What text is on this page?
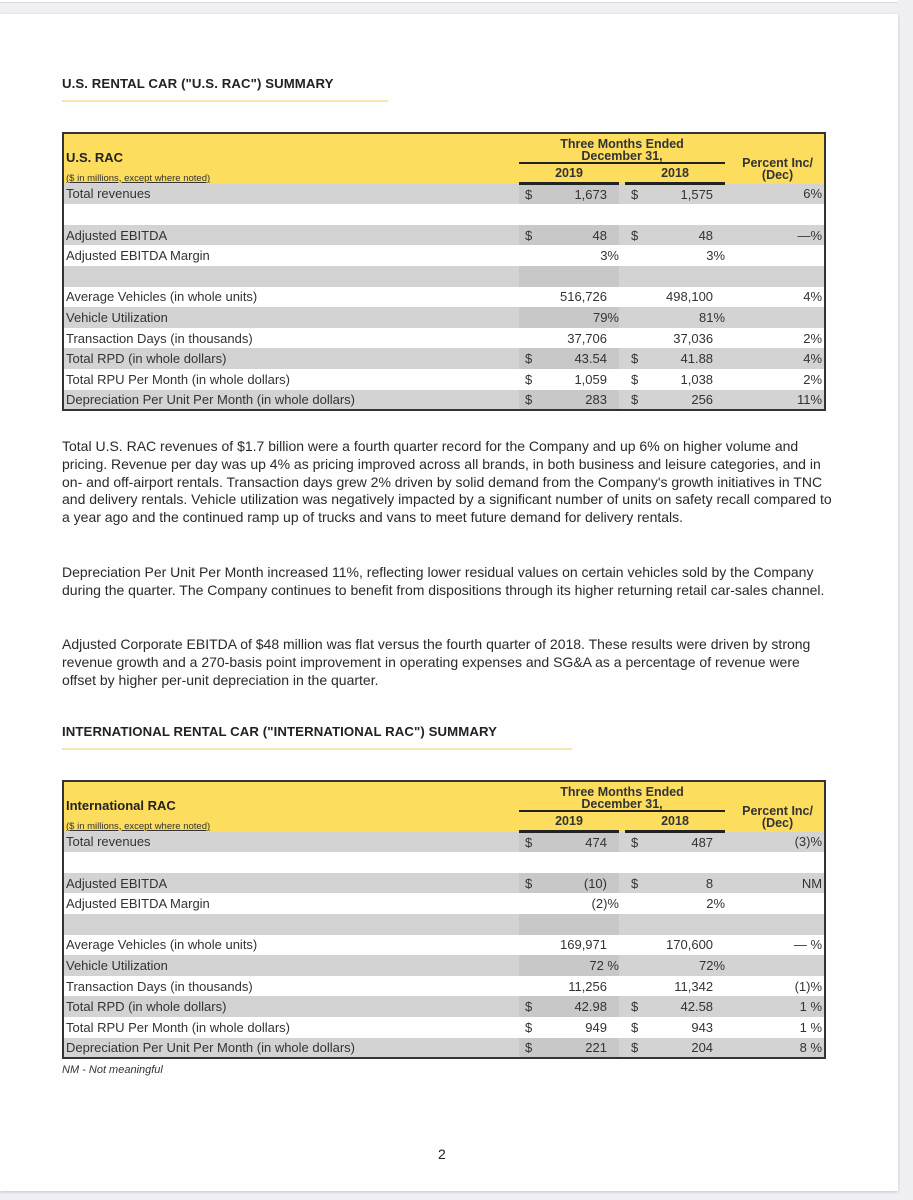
U.S. RENTAL CAR ("U.S. RAC") SUMMARY

Three Months Ended
December 31,		Percent Inc/
(Dec)

U.S. RAC
($ in millions, except where noted)	2019			2018			
Total revenues	$	1,673		$	1,575		6%

Adjusted EBITDA	$	48		$	48		—%
Adjusted EBITDA Margin		3%			3%		

Average Vehicles (in whole units)		516,726			498,100		4%
Vehicle Utilization		79%			81%		
Transaction Days (in thousands)		37,706			37,036		2%
Total RPD (in whole dollars)	$	43.54		$	41.88		4%
Total RPU Per Month (in whole dollars)	$	1,059		$	1,038		2%
Depreciation Per Unit Per Month (in whole dollars)	$	283		$	256		11%
Total U.S. RAC revenues of $1.7 billion were a fourth quarter record for the Company and up 6% on higher volume and pricing. Revenue per day was up 4% as pricing improved across all brands, in both business and leisure categories, and in on- and off-airport rentals. Transaction days grew 2% driven by solid demand from the Company's growth initiatives in TNC and delivery rentals. Vehicle utilization was negatively impacted by a significant number of units on safety recall compared to a year ago and the continued ramp up of trucks and vans to meet future demand for delivery rentals.
Depreciation Per Unit Per Month increased 11%, reflecting lower residual values on certain vehicles sold by the Company during the quarter. The Company continues to benefit from dispositions through its higher returning retail car-sales channel.
Adjusted Corporate EBITDA of $48 million was flat versus the fourth quarter of 2018. These results were driven by strong revenue growth and a 270-basis point improvement in operating expenses and SG&A as a percentage of revenue were offset by higher per-unit depreciation in the quarter.
INTERNATIONAL RENTAL CAR ("INTERNATIONAL RAC") SUMMARY

Three Months Ended
December 31,		Percent Inc/
(Dec)

International RAC
($ in millions, except where noted)	2019			2018			
Total revenues	$	474		$	487		(3)%

Adjusted EBITDA	$	(10)		$	8		NM
Adjusted EBITDA Margin		(2)%			2%		

Average Vehicles (in whole units)		169,971			170,600		— %
Vehicle Utilization		72 %			72%		
Transaction Days (in thousands)		11,256			11,342		(1)%
Total RPD (in whole dollars)	$	42.98		$	42.58		1 %
Total RPU Per Month (in whole dollars)	$	949		$	943		1 %
Depreciation Per Unit Per Month (in whole dollars)	$	221		$	204		8 %
NM - Not meaningful
2
